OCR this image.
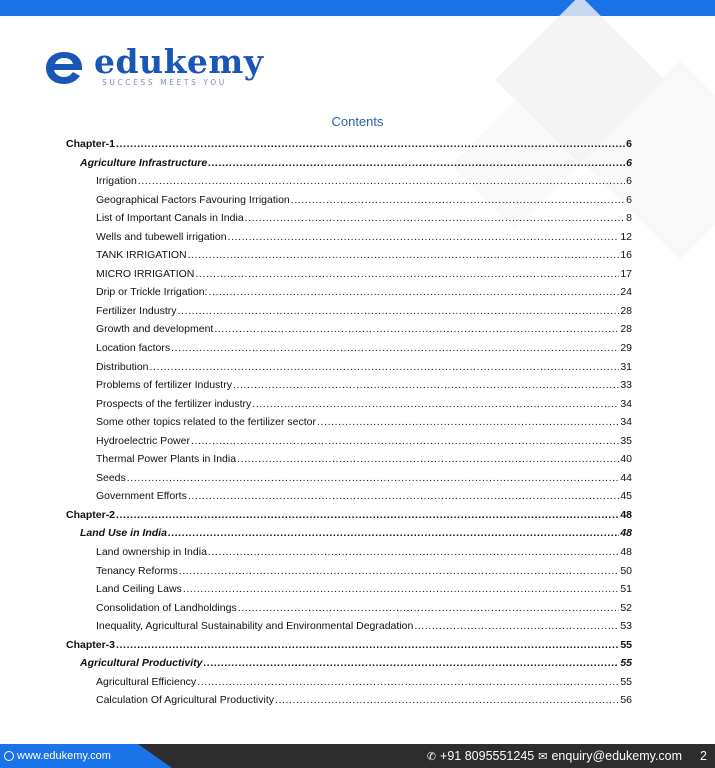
edukemy
SUCCESS MEETS YOU
Contents
Chapter-1 .....	6
Agriculture Infrastructure .....	6
Irrigation .....	6
Geographical Factors Favouring Irrigation .....	6
List of Important Canals in India .....	8
Wells and tubewell irrigation .....	12
TANK IRRIGATION .....	16
MICRO IRRIGATION .....	17
Drip or Trickle Irrigation: .....	24
Fertilizer Industry .....	28
Growth and development .....	28
Location factors .....	29
Distribution .....	31
Problems of fertilizer Industry .....	33
Prospects of the fertilizer industry .....	34
Some other topics related to the fertilizer sector .....	34
Hydroelectric Power .....	35
Thermal Power Plants in India .....	40
Seeds .....	44
Government Efforts .....	45
Chapter-2 .....	48
Land Use in India .....	48
Land ownership in India .....	48
Tenancy Reforms .....	50
Land Ceiling Laws .....	51
Consolidation of Landholdings .....	52
Inequality, Agricultural Sustainability and Environmental Degradation .....	53
Chapter-3 .....	55
Agricultural Productivity .....	55
Agricultural Efficiency .....	55
Calculation Of Agricultural Productivity .....	56
www.edukemy.com	✆ +91 8095551245 ✉ enquiry@edukemy.com 2
